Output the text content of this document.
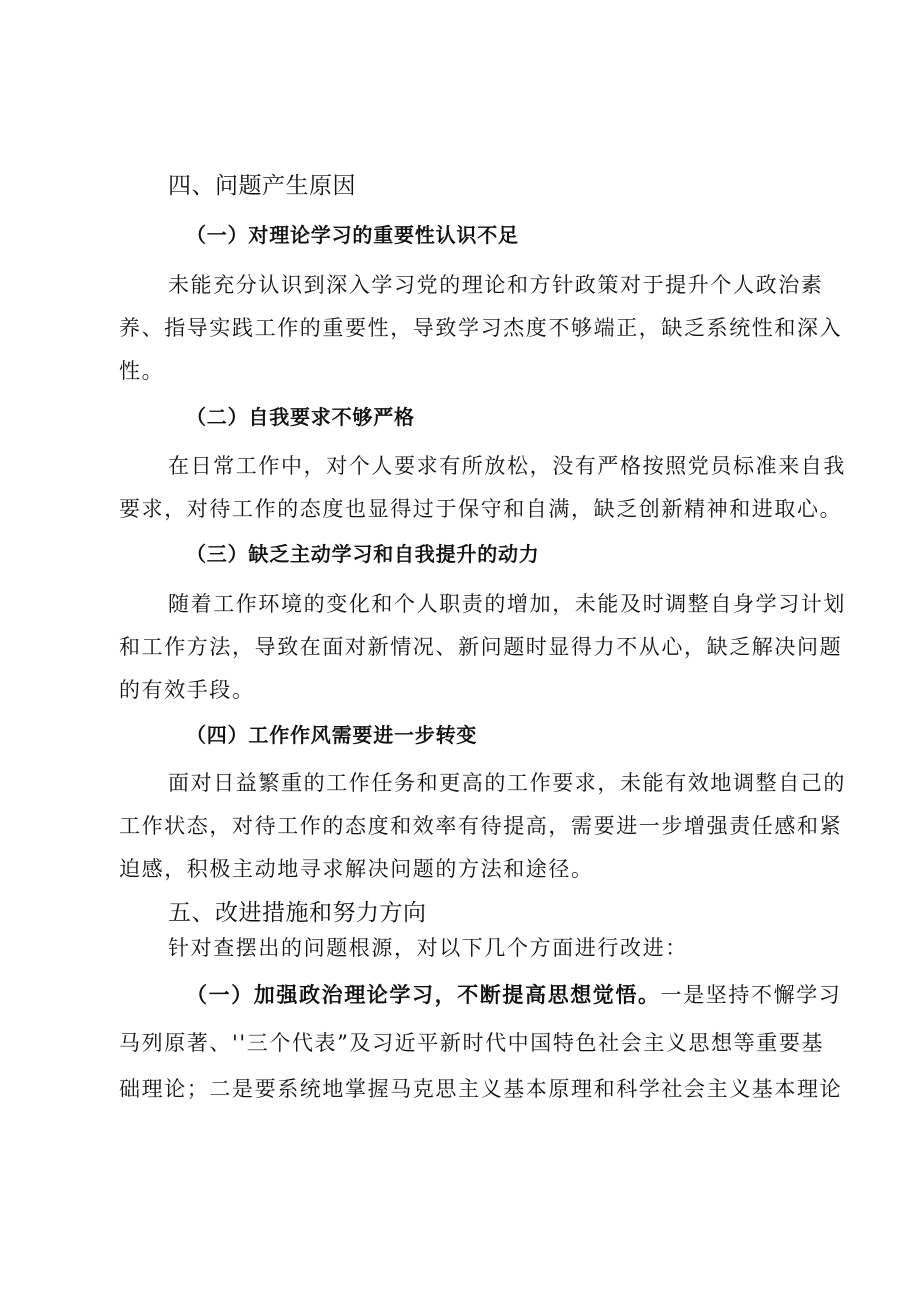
四、问题产生原因
（一）对理论学习的重要性认识不足
未能充分认识到深入学习党的理论和方针政策对于提升个人政治素
养、指导实践工作的重要性，导致学习杰度不够端正，缺乏系统性和深入
性。
（二）自我要求不够严格
在日常工作中，对个人要求有所放松，没有严格按照党员标准来自我
要求，对待工作的态度也显得过于保守和自满，缺乏创新精神和进取心。
（三）缺乏主动学习和自我提升的动力
随着工作环境的变化和个人职责的增加，未能及时调整自身学习计划
和工作方法，导致在面对新情况、新问题时显得力不从心，缺乏解决问题
的有效手段。
（四）工作作风需要进一步转变
面对日益繁重的工作任务和更高的工作要求，未能有效地调整自己的
工作状态，对待工作的态度和效率有待提高，需要进一步增强责任感和紧
迫感，积极主动地寻求解决问题的方法和途径。
五、改进措施和努力方向
针对查摆出的问题根源，对以下几个方面进行改进：
（一）加强政治理论学习，不断提高思想觉悟。一是坚持不懈学习
马列原著、''三个代表”及习近平新时代中国特色社会主义思想等重要基
础理论；二是要系统地掌握马克思主义基本原理和科学社会主义基本理论
